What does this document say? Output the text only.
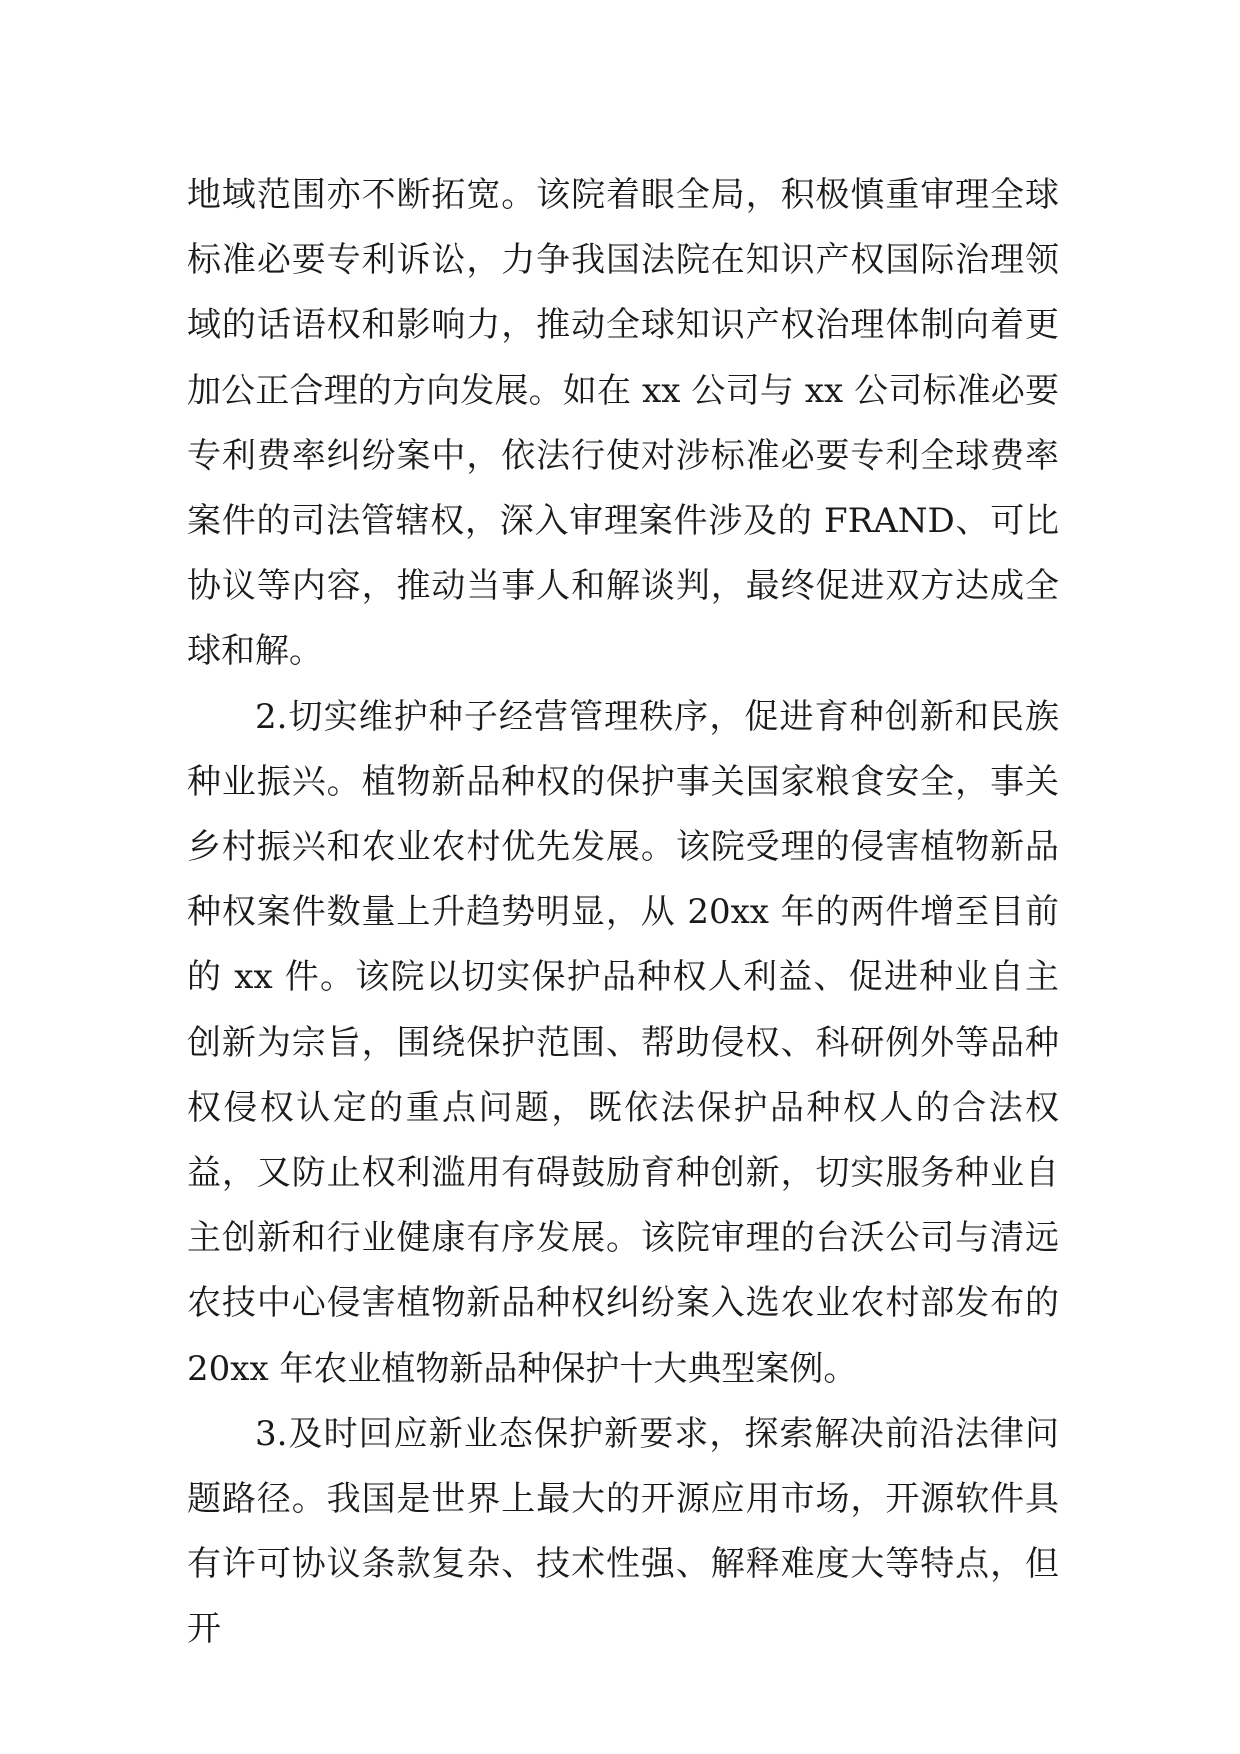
地域范围亦不断拓宽。该院着眼全局，积极慎重审理全球标准必要专利诉讼，力争我国法院在知识产权国际治理领域的话语权和影响力，推动全球知识产权治理体制向着更加公正合理的方向发展。如在 xx 公司与 xx 公司标准必要专利费率纠纷案中，依法行使对涉标准必要专利全球费率案件的司法管辖权，深入审理案件涉及的 FRAND、可比协议等内容，推动当事人和解谈判，最终促进双方达成全球和解。

2.切实维护种子经营管理秩序，促进育种创新和民族种业振兴。植物新品种权的保护事关国家粮食安全，事关乡村振兴和农业农村优先发展。该院受理的侵害植物新品种权案件数量上升趋势明显，从 20xx 年的两件增至目前的 xx 件。该院以切实保护品种权人利益、促进种业自主创新为宗旨，围绕保护范围、帮助侵权、科研例外等品种权侵权认定的重点问题，既依法保护品种权人的合法权益，又防止权利滥用有碍鼓励育种创新，切实服务种业自主创新和行业健康有序发展。该院审理的台沃公司与清远农技中心侵害植物新品种权纠纷案入选农业农村部发布的 20xx 年农业植物新品种保护十大典型案例。

3.及时回应新业态保护新要求，探索解决前沿法律问题路径。我国是世界上最大的开源应用市场，开源软件具有许可协议条款复杂、技术性强、解释难度大等特点，但开
